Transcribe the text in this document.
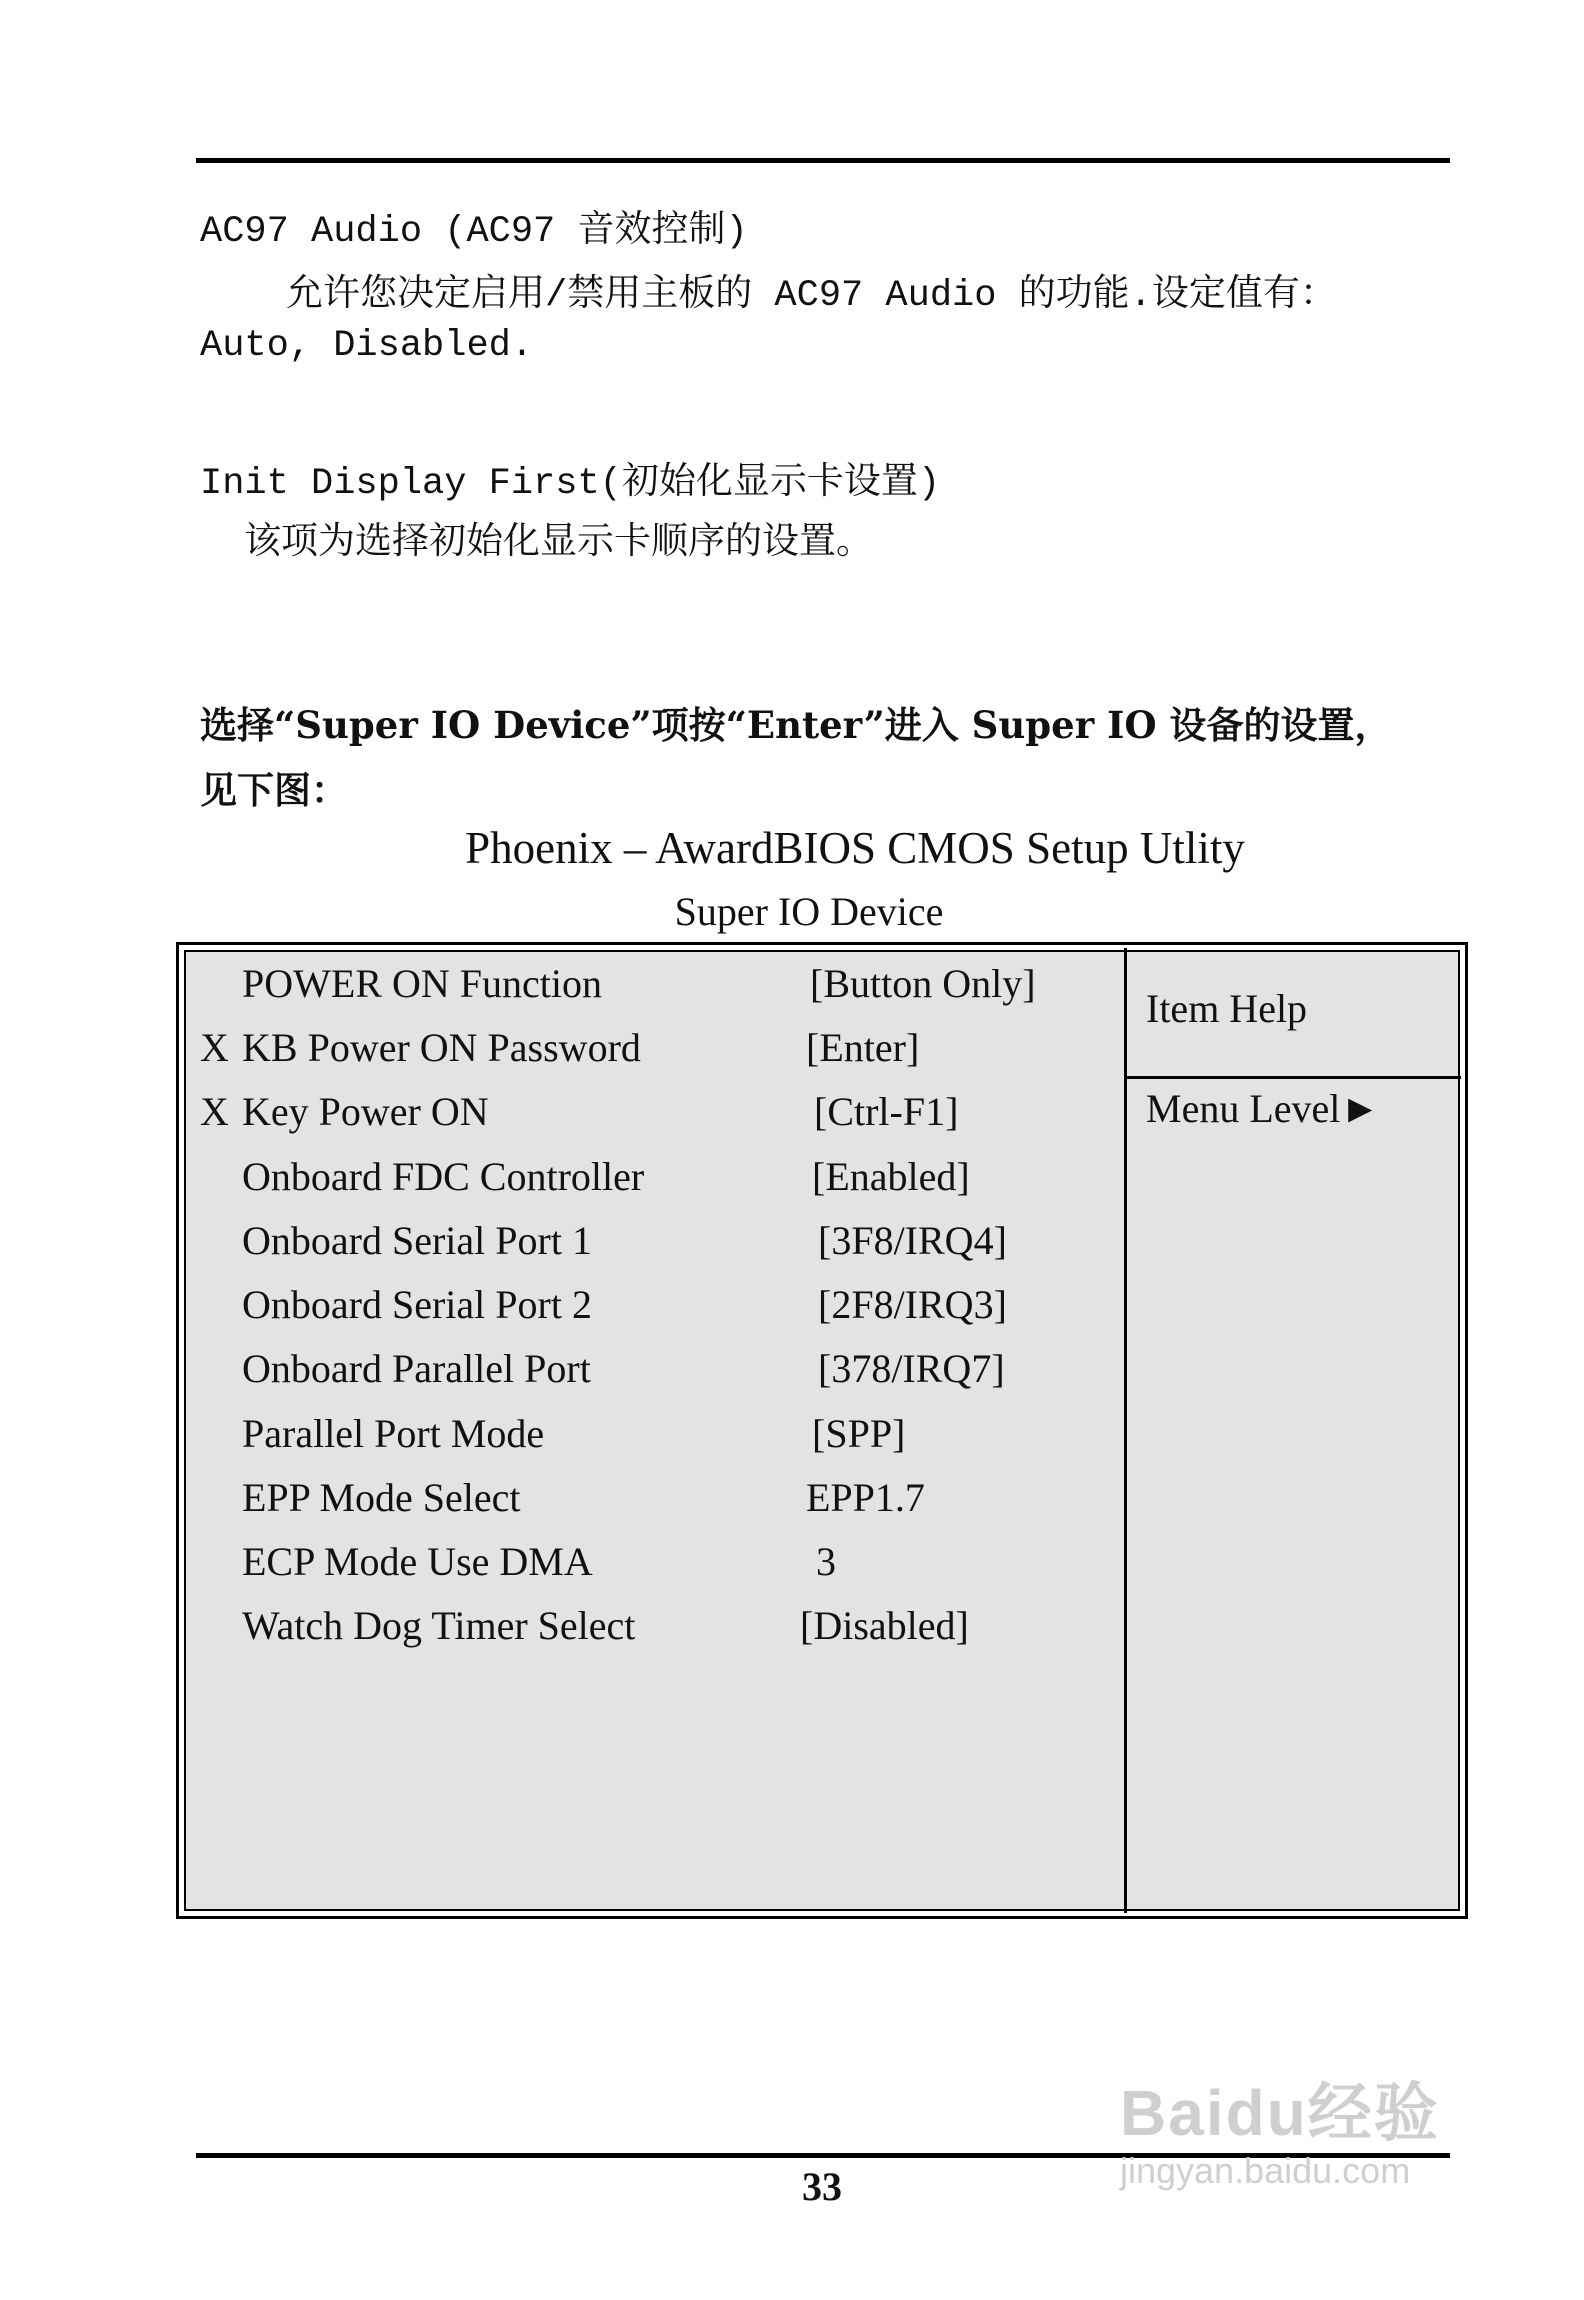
AC97 Audio (AC97 音效控制)
允许您决定启用/禁用主板的 AC97 Audio 的功能.设定值有：
Auto, Disabled.
Init Display First(初始化显示卡设置)
该项为选择初始化显示卡顺序的设置。
选择“Super IO Device”项按“Enter”进入 Super IO 设备的设置，
见下图：
Phoenix – AwardBIOS CMOS Setup Utlity
Super IO Device
POWER ON Function	[Button Only]
X KB Power ON Password	[Enter]
X Key Power ON	[Ctrl-F1]
Onboard FDC Controller	[Enabled]
Onboard Serial Port 1	[3F8/IRQ4]
Onboard Serial Port 2	[2F8/IRQ3]
Onboard Parallel Port	[378/IRQ7]
Parallel Port Mode	[SPP]
EPP Mode Select	EPP1.7
ECP Mode Use DMA	3
Watch Dog Timer Select	[Disabled]
Item Help
Menu Level►
33
Baidu经验
jingyan.baidu.com
